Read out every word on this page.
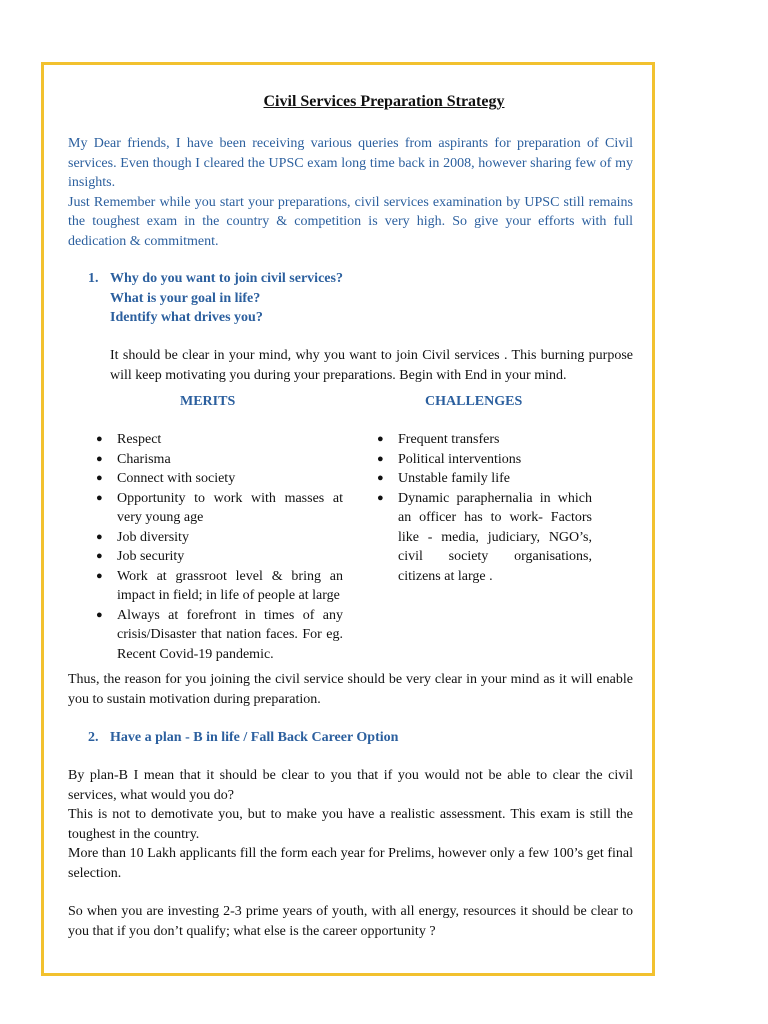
Civil Services Preparation Strategy
My Dear friends, I have been receiving various queries from aspirants for preparation of Civil services. Even though I cleared the UPSC exam long time back in 2008, however sharing few of my insights.
Just Remember while you start your preparations, civil services examination by UPSC still remains the toughest exam in the country & competition is very high. So give your efforts with full dedication & commitment.
1. Why do you want to join civil services?
What is your goal in life?
Identify what drives you?
It should be clear in your mind, why you want to join Civil services . This burning purpose will keep motivating you during your preparations. Begin with End in your mind.
MERITS	CHALLENGES
● Respect
● Charisma
● Connect with society
● Opportunity to work with masses at very young age
● Job diversity
● Job security
● Work at grassroot level & bring an impact in field; in life of people at large
● Always at forefront in times of any crisis/Disaster that nation faces. For eg. Recent Covid-19 pandemic.
● Frequent transfers
● Political interventions
● Unstable family life
● Dynamic paraphernalia in which an officer has to work- Factors like - media, judiciary, NGO’s, civil society organisations, citizens at large .
Thus, the reason for you joining the civil service should be very clear in your mind as it will enable you to sustain motivation during preparation.
2. Have a plan - B in life / Fall Back Career Option
By plan-B I mean that it should be clear to you that if you would not be able to clear the civil services, what would you do?
This is not to demotivate you, but to make you have a realistic assessment. This exam is still the toughest in the country.
More than 10 Lakh applicants fill the form each year for Prelims, however only a few 100’s get final selection.
So when you are investing 2-3 prime years of youth, with all energy, resources it should be clear to you that if you don’t qualify; what else is the career opportunity ?
